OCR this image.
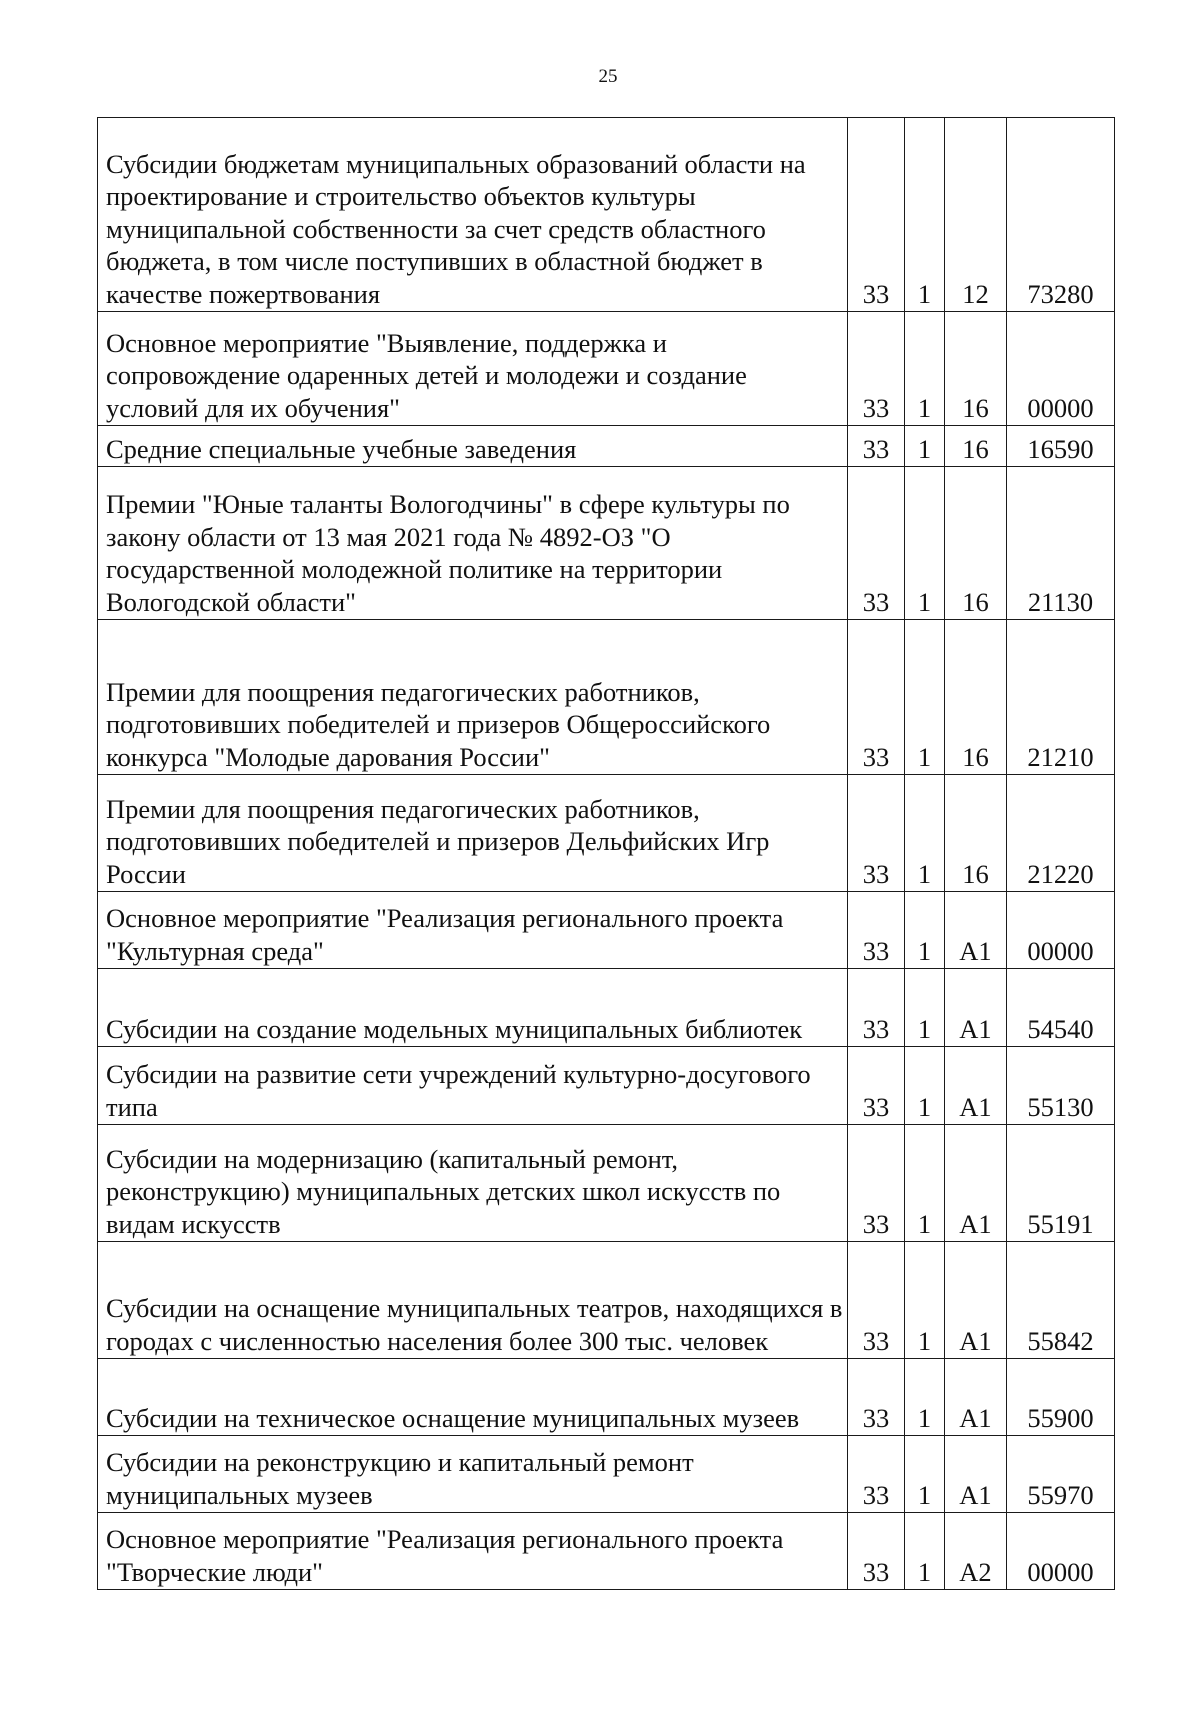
25
Субсидии бюджетам муниципальных образований области на проектирование и строительство объектов культуры муниципальной собственности за счет средств областного бюджета, в том числе поступивших в областной бюджет в качестве пожертвования	33	1	12	73280
Основное мероприятие "Выявление, поддержка и сопровождение одаренных детей и молодежи и создание условий для их обучения"	33	1	16	00000
Средние специальные учебные заведения	33	1	16	16590
Премии "Юные таланты Вологодчины" в сфере культуры по закону области от 13 мая 2021 года № 4892-ОЗ "О государственной молодежной политике на территории Вологодской области"	33	1	16	21130
Премии для поощрения педагогических работников, подготовивших победителей и призеров Общероссийского конкурса "Молодые дарования России"	33	1	16	21210
Премии для поощрения педагогических работников, подготовивших победителей и призеров Дельфийских Игр России	33	1	16	21220
Основное мероприятие "Реализация регионального проекта "Культурная среда"	33	1	A1	00000
Субсидии на создание модельных муниципальных библиотек	33	1	A1	54540
Субсидии на развитие сети учреждений культурно-досугового типа	33	1	A1	55130
Субсидии на модернизацию (капитальный ремонт, реконструкцию) муниципальных детских школ искусств по видам искусств	33	1	A1	55191
Субсидии на оснащение муниципальных театров, находящихся в городах с численностью населения более 300 тыс. человек	33	1	A1	55842
Субсидии на техническое оснащение муниципальных музеев	33	1	A1	55900
Субсидии на реконструкцию и капитальный ремонт муниципальных музеев	33	1	A1	55970
Основное мероприятие "Реализация регионального проекта "Творческие люди"	33	1	A2	00000
